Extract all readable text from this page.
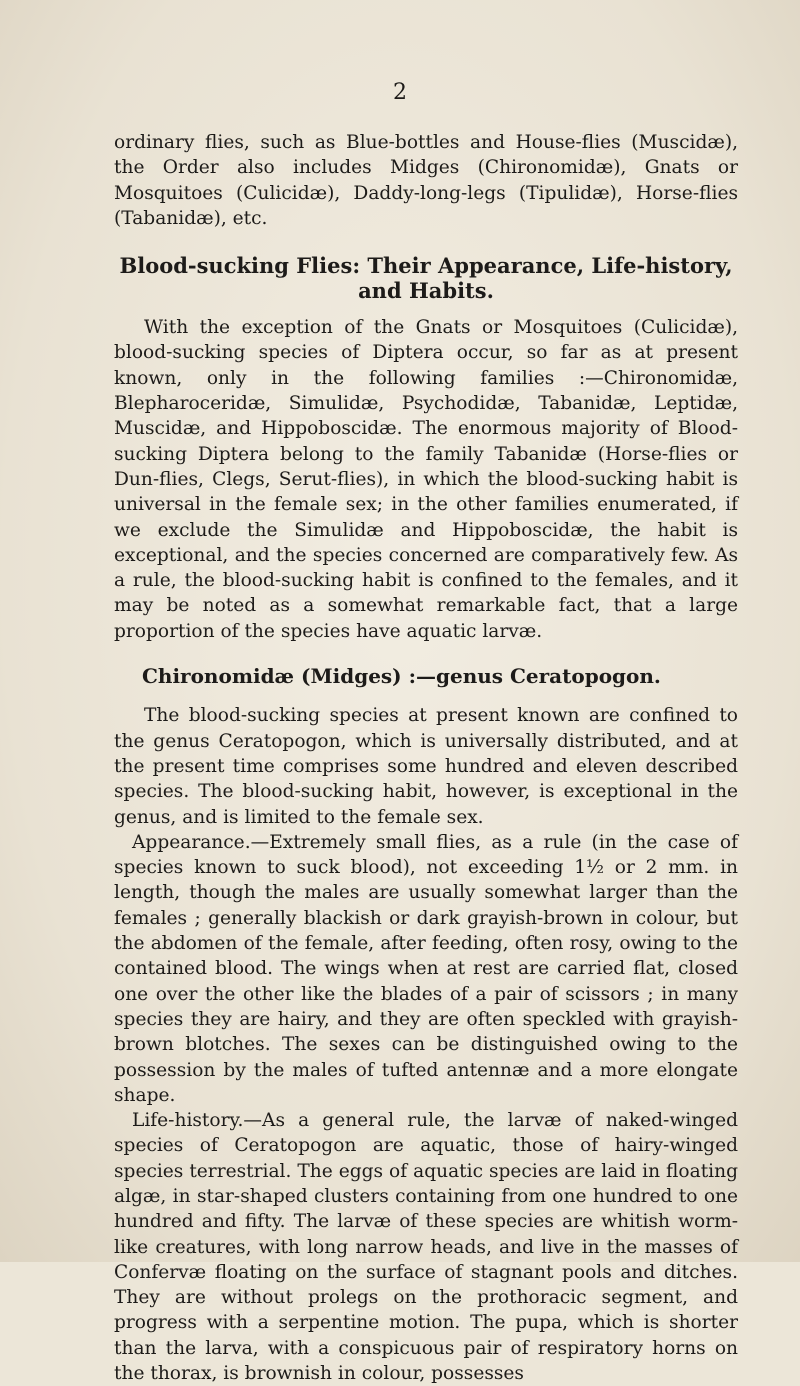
2

ordinary flies, such as Blue-bottles and House-flies (Muscidæ), the Order also includes Midges (Chironomidæ), Gnats or Mosquitoes (Culicidæ), Daddy-long-legs (Tipulidæ), Horse-flies (Tabanidæ), etc.

Blood-sucking Flies: Their Appearance, Life-history, and Habits.

With the exception of the Gnats or Mosquitoes (Culicidæ), blood-sucking species of Diptera occur, so far as at present known, only in the following families :—Chironomidæ, Blepharoceridæ, Simulidæ, Psychodidæ, Tabanidæ, Leptidæ, Muscidæ, and Hippoboscidæ. The enormous majority of Blood-sucking Diptera belong to the family Tabanidæ (Horse-flies or Dun-flies, Clegs, Serut-flies), in which the blood-sucking habit is universal in the female sex; in the other families enumerated, if we exclude the Simulidæ and Hippoboscidæ, the habit is exceptional, and the species concerned are comparatively few. As a rule, the blood-sucking habit is confined to the females, and it may be noted as a somewhat remarkable fact, that a large proportion of the species have aquatic larvæ.

Chironomidæ (Midges) :—genus Ceratopogon.

The blood-sucking species at present known are confined to the genus Ceratopogon, which is universally distributed, and at the present time comprises some hundred and eleven described species. The blood-sucking habit, however, is exceptional in the genus, and is limited to the female sex.

Appearance.—Extremely small flies, as a rule (in the case of species known to suck blood), not exceeding 1½ or 2 mm. in length, though the males are usually somewhat larger than the females ; generally blackish or dark grayish-brown in colour, but the abdomen of the female, after feeding, often rosy, owing to the contained blood. The wings when at rest are carried flat, closed one over the other like the blades of a pair of scissors ; in many species they are hairy, and they are often speckled with grayish-brown blotches. The sexes can be distinguished owing to the possession by the males of tufted antennæ and a more elongate shape.

Life-history.—As a general rule, the larvæ of naked-winged species of Ceratopogon are aquatic, those of hairy-winged species terrestrial. The eggs of aquatic species are laid in floating algæ, in star-shaped clusters containing from one hundred to one hundred and fifty. The larvæ of these species are whitish worm-like creatures, with long narrow heads, and live in the masses of Confervæ floating on the surface of stagnant pools and ditches. They are without prolegs on the prothoracic segment, and progress with a serpentine motion. The pupa, which is shorter than the larva, with a conspicuous pair of respiratory horns on the thorax, is brownish in colour, possesses
